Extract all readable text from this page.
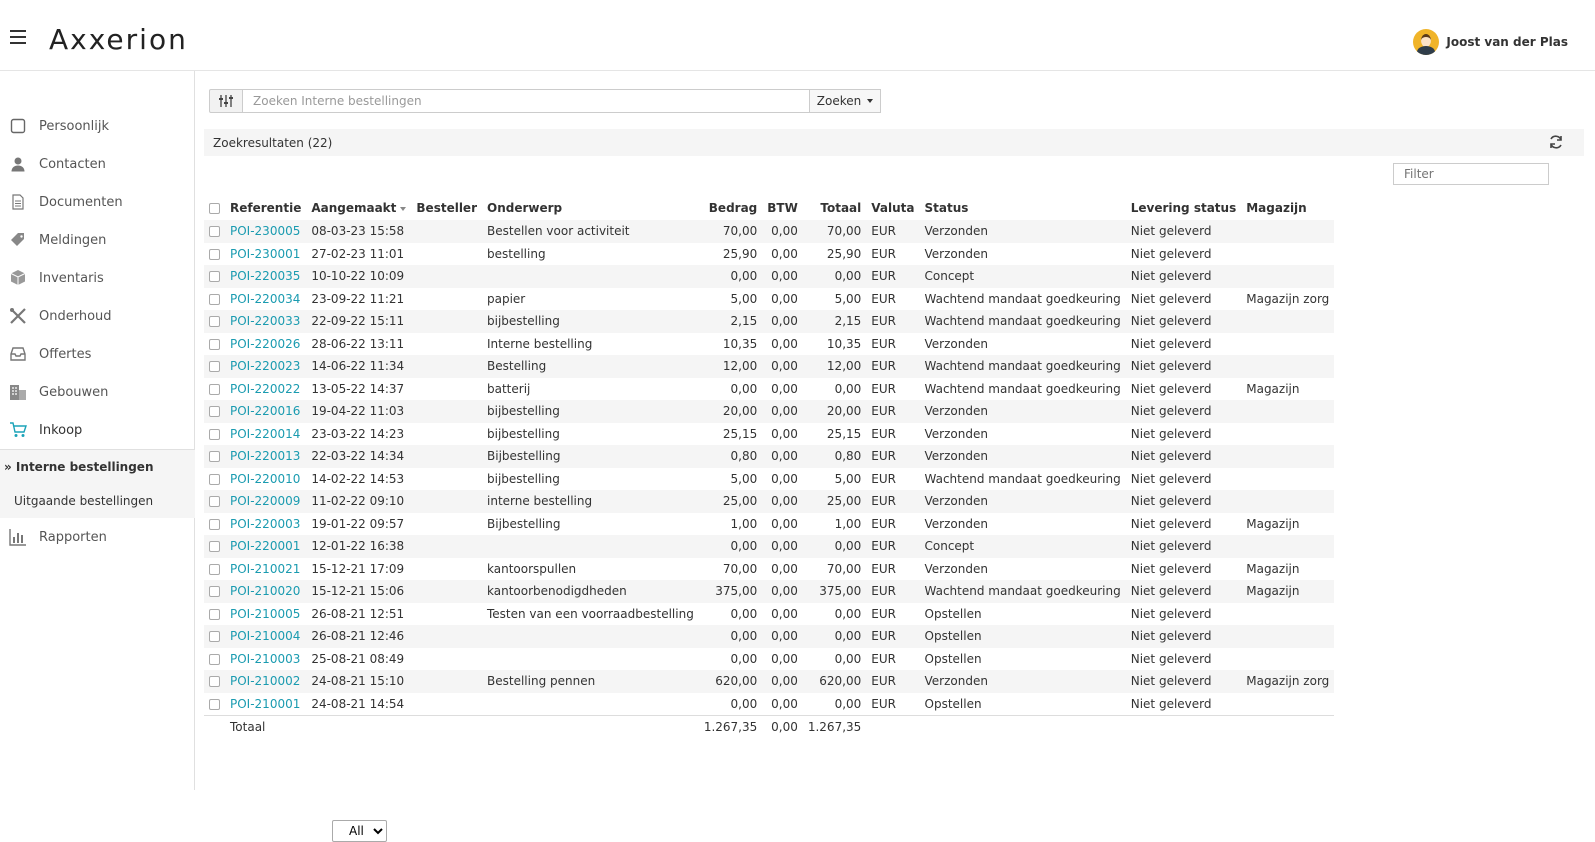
Axxerion	Joost van der Plas
Persoonlijk
Contacten
Documenten
Meldingen
Inventaris
Onderhoud
Offertes
Gebouwen
Inkoop
» Interne bestellingen
Uitgaande bestellingen
Rapporten
Zoeken Interne bestellingen
Zoeken
Zoekresultaten (22)
Filter
	Referentie	Aangemaakt	Besteller	Onderwerp	Bedrag	BTW	Totaal	Valuta	Status	Levering status	Magazijn
	POI-230005	08-03-23 15:58		Bestellen voor activiteit	70,00	0,00	70,00	EUR	Verzonden	Niet geleverd	
	POI-230001	27-02-23 11:01		bestelling	25,90	0,00	25,90	EUR	Verzonden	Niet geleverd	
	POI-220035	10-10-22 10:09			0,00	0,00	0,00	EUR	Concept	Niet geleverd	
	POI-220034	23-09-22 11:21		papier	5,00	0,00	5,00	EUR	Wachtend mandaat goedkeuring	Niet geleverd	Magazijn zorg
	POI-220033	22-09-22 15:11		bijbestelling	2,15	0,00	2,15	EUR	Wachtend mandaat goedkeuring	Niet geleverd	
	POI-220026	28-06-22 13:11		Interne bestelling	10,35	0,00	10,35	EUR	Verzonden	Niet geleverd	
	POI-220023	14-06-22 11:34		Bestelling	12,00	0,00	12,00	EUR	Wachtend mandaat goedkeuring	Niet geleverd	
	POI-220022	13-05-22 14:37		batterij	0,00	0,00	0,00	EUR	Wachtend mandaat goedkeuring	Niet geleverd	Magazijn
	POI-220016	19-04-22 11:03		bijbestelling	20,00	0,00	20,00	EUR	Verzonden	Niet geleverd	
	POI-220014	23-03-22 14:23		bijbestelling	25,15	0,00	25,15	EUR	Verzonden	Niet geleverd	
	POI-220013	22-03-22 14:34		Bijbestelling	0,80	0,00	0,80	EUR	Verzonden	Niet geleverd	
	POI-220010	14-02-22 14:53		bijbestelling	5,00	0,00	5,00	EUR	Wachtend mandaat goedkeuring	Niet geleverd	
	POI-220009	11-02-22 09:10		interne bestelling	25,00	0,00	25,00	EUR	Verzonden	Niet geleverd	
	POI-220003	19-01-22 09:57		Bijbestelling	1,00	0,00	1,00	EUR	Verzonden	Niet geleverd	Magazijn
	POI-220001	12-01-22 16:38			0,00	0,00	0,00	EUR	Concept	Niet geleverd	
	POI-210021	15-12-21 17:09		kantoorspullen	70,00	0,00	70,00	EUR	Verzonden	Niet geleverd	Magazijn
	POI-210020	15-12-21 15:06		kantoorbenodigdheden	375,00	0,00	375,00	EUR	Wachtend mandaat goedkeuring	Niet geleverd	Magazijn
	POI-210005	26-08-21 12:51		Testen van een voorraadbestelling	0,00	0,00	0,00	EUR	Opstellen	Niet geleverd	
	POI-210004	26-08-21 12:46			0,00	0,00	0,00	EUR	Opstellen	Niet geleverd	
	POI-210003	25-08-21 08:49			0,00	0,00	0,00	EUR	Opstellen	Niet geleverd	
	POI-210002	24-08-21 15:10		Bestelling pennen	620,00	0,00	620,00	EUR	Verzonden	Niet geleverd	Magazijn zorg
	POI-210001	24-08-21 14:54			0,00	0,00	0,00	EUR	Opstellen	Niet geleverd	
	Totaal				1.267,35	0,00	1.267,35				
All
